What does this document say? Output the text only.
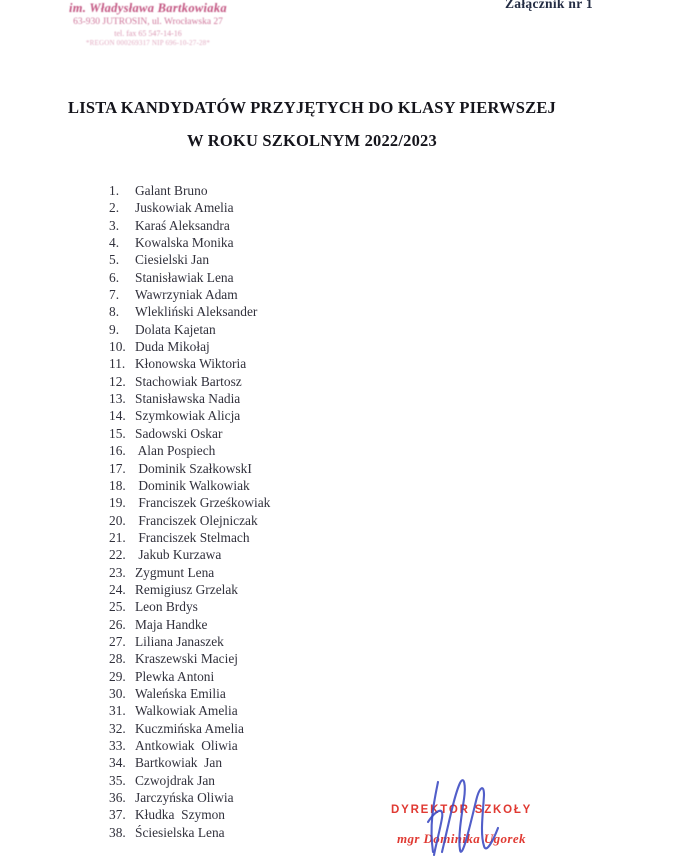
im. Władysława Bartkowiaka
63-930 JUTROSIN, ul. Wrocławska 27
tel. fax 65 547-14-16
*REGON 000269317 NIP 696-10-27-28*
Załącznik nr 1
LISTA KANDYDATÓW PRZYJĘTYCH DO KLASY PIERWSZEJ
W ROKU SZKOLNYM 2022/2023
1. Galant Bruno
2. Juskowiak Amelia
3. Karaś Aleksandra
4. Kowalska Monika
5. Ciesielski Jan
6. Stanisławiak Lena
7. Wawrzyniak Adam
8. Wlekliński Aleksander
9. Dolata Kajetan
10. Duda Mikołaj
11. Kłonowska Wiktoria
12. Stachowiak Bartosz
13. Stanisławska Nadia
14. Szymkowiak Alicja
15. Sadowski Oskar
16. Alan Pospiech
17. Dominik SzałkowskI
18. Dominik Walkowiak
19. Franciszek Grześkowiak
20. Franciszek Olejniczak
21. Franciszek Stelmach
22. Jakub Kurzawa
23. Zygmunt Lena
24. Remigiusz Grzelak
25. Leon Brdys
26. Maja Handke
27. Liliana Janaszek
28. Kraszewski Maciej
29. Plewka Antoni
30. Waleńska Emilia
31. Walkowiak Amelia
32. Kuczmińska Amelia
33. Antkowiak  Oliwia
34. Bartkowiak  Jan
35. Czwojdrak Jan
36. Jarczyńska Oliwia
37. Kłudka  Szymon
38. Ściesielska Lena
DYREKTOR SZKOŁY
mgr Dominika Ugorek
